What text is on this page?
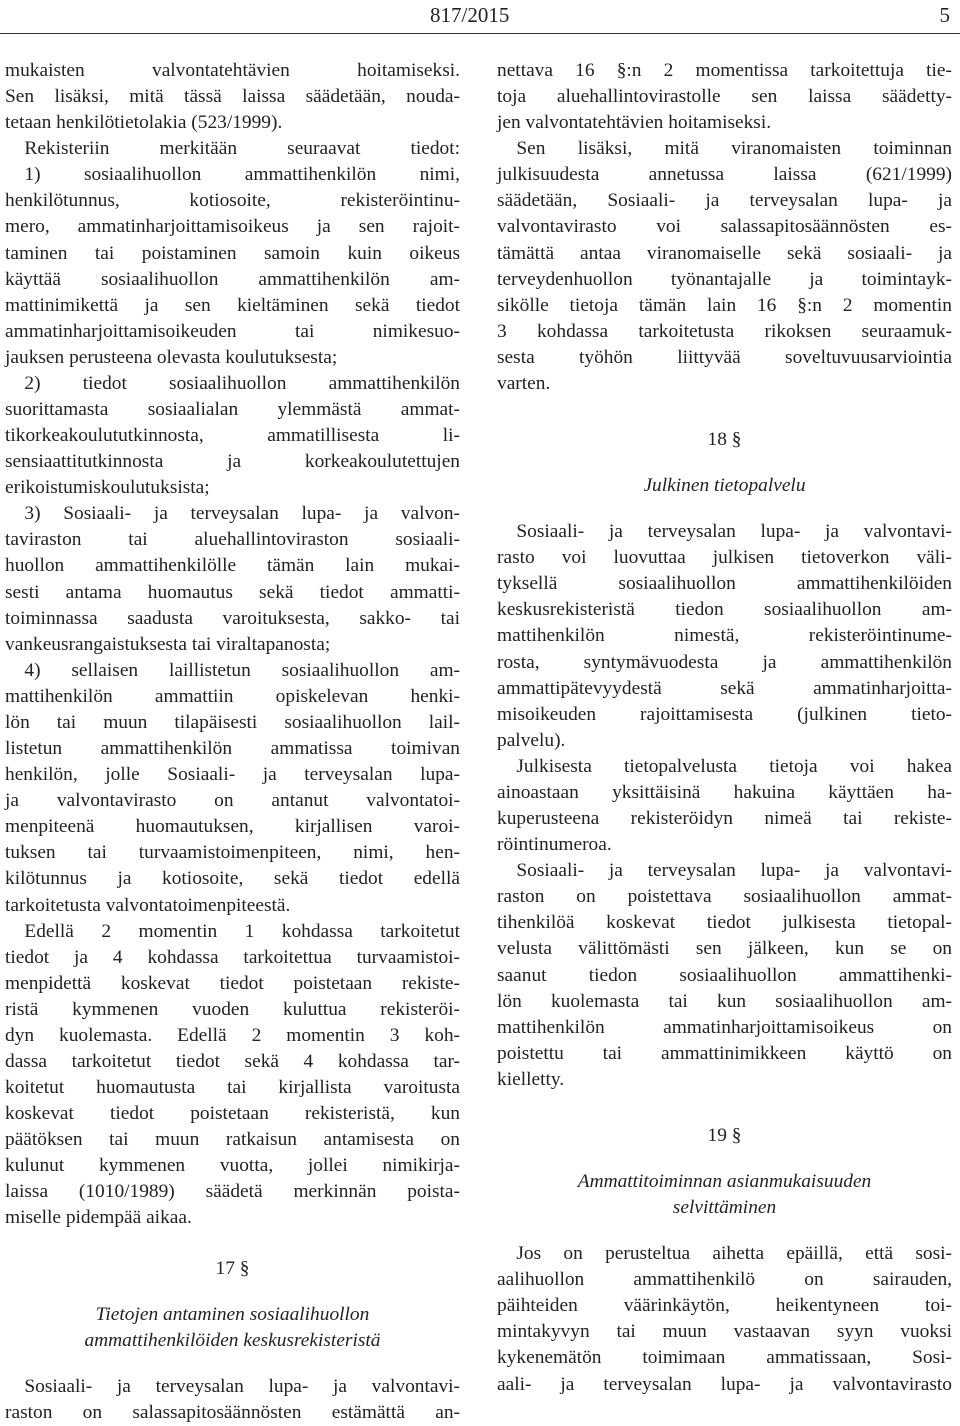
817/2015	5
mukaisten valvontatehtävien hoitamiseksi.
Sen lisäksi, mitä tässä laissa säädetään, nouda-
tetaan henkilötietolakia (523/1999).
 Rekisteriin merkitään seuraavat tiedot:
 1) sosiaalihuollon ammattihenkilön nimi,
henkilötunnus, kotiosoite, rekisteröintinu-
mero, ammatinharjoittamisoikeus ja sen rajoit-
taminen tai poistaminen samoin kuin oikeus
käyttää sosiaalihuollon ammattihenkilön am-
mattinimikettä ja sen kieltäminen sekä tiedot
ammatinharjoittamisoikeuden tai nimikesuo-
jauksen perusteena olevasta koulutuksesta;
 2) tiedot sosiaalihuollon ammattihenkilön
suorittamasta sosiaalialan ylemmästä ammat-
tikorkeakoulututkinnosta, ammatillisesta li-
sensiaattitutkinnosta ja korkeakoulutettujen
erikoistumiskoulutuksista;
 3) Sosiaali- ja terveysalan lupa- ja valvon-
taviraston tai aluehallintoviraston sosiaali-
huollon ammattihenkilölle tämän lain mukai-
sesti antama huomautus sekä tiedot ammatti-
toiminnassa saadusta varoituksesta, sakko- tai
vankeusrangaistuksesta tai viraltapanosta;
 4) sellaisen laillistetun sosiaalihuollon am-
mattihenkilön ammattiin opiskelevan henki-
lön tai muun tilapäisesti sosiaalihuollon lail-
listetun ammattihenkilön ammatissa toimivan
henkilön, jolle Sosiaali- ja terveysalan lupa-
ja valvontavirasto on antanut valvontatoi-
menpiteenä huomautuksen, kirjallisen varoi-
tuksen tai turvaamistoimenpiteen, nimi, hen-
kilötunnus ja kotiosoite, sekä tiedot edellä
tarkoitetusta valvontatoimenpiteestä.
 Edellä 2 momentin 1 kohdassa tarkoitetut
tiedot ja 4 kohdassa tarkoitettua turvaamistoi-
menpidettä koskevat tiedot poistetaan rekiste-
ristä kymmenen vuoden kuluttua rekisteröi-
dyn kuolemasta. Edellä 2 momentin 3 koh-
dassa tarkoitetut tiedot sekä 4 kohdassa tar-
koitetut huomautusta tai kirjallista varoitusta
koskevat tiedot poistetaan rekisteristä, kun
päätöksen tai muun ratkaisun antamisesta on
kulunut kymmenen vuotta, jollei nimikirja-
laissa (1010/1989) säädetä merkinnän poista-
miselle pidempää aikaa.
17 §
Tietojen antaminen sosiaalihuollon
ammattihenkilöiden keskusrekisteristä
 Sosiaali- ja terveysalan lupa- ja valvontavi-
raston on salassapitosäännösten estämättä an-
nettava 16 §:n 2 momentissa tarkoitettuja tie-
toja aluehallintovirastolle sen laissa säädetty-
jen valvontatehtävien hoitamiseksi.
 Sen lisäksi, mitä viranomaisten toiminnan
julkisuudesta annetussa laissa (621/1999)
säädetään, Sosiaali- ja terveysalan lupa- ja
valvontavirasto voi salassapitosäännösten es-
tämättä antaa viranomaiselle sekä sosiaali- ja
terveydenhuollon työnantajalle ja toimintayk-
sikölle tietoja tämän lain 16 §:n 2 momentin
3 kohdassa tarkoitetusta rikoksen seuraamuk-
sesta työhön liittyvää soveltuvuusarviointia
varten.
18 §
Julkinen tietopalvelu
 Sosiaali- ja terveysalan lupa- ja valvontavi-
rasto voi luovuttaa julkisen tietoverkon väli-
tyksellä sosiaalihuollon ammattihenkilöiden
keskusrekisteristä tiedon sosiaalihuollon am-
mattihenkilön nimestä, rekisteröintinume-
rosta, syntymävuodesta ja ammattihenkilön
ammattipätevyydestä sekä ammatinharjoitta-
misoikeuden rajoittamisesta (julkinen tieto-
palvelu).
 Julkisesta tietopalvelusta tietoja voi hakea
ainoastaan yksittäisinä hakuina käyttäen ha-
kuperusteena rekisteröidyn nimeä tai rekiste-
röintinumeroa.
 Sosiaali- ja terveysalan lupa- ja valvontavi-
raston on poistettava sosiaalihuollon ammat-
tihenkilöä koskevat tiedot julkisesta tietopal-
velusta välittömästi sen jälkeen, kun se on
saanut tiedon sosiaalihuollon ammattihenki-
lön kuolemasta tai kun sosiaalihuollon am-
mattihenkilön ammatinharjoittamisoikeus on
poistettu tai ammattinimikkeen käyttö on
kielletty.
19 §
Ammattitoiminnan asianmukaisuuden
selvittäminen
 Jos on perusteltua aihetta epäillä, että sosi-
aalihuollon ammattihenkilö on sairauden,
päihteiden väärinkäytön, heikentyneen toi-
mintakyvyn tai muun vastaavan syyn vuoksi
kykenemätön toimimaan ammatissaan, Sosi-
aali- ja terveysalan lupa- ja valvontavirasto
